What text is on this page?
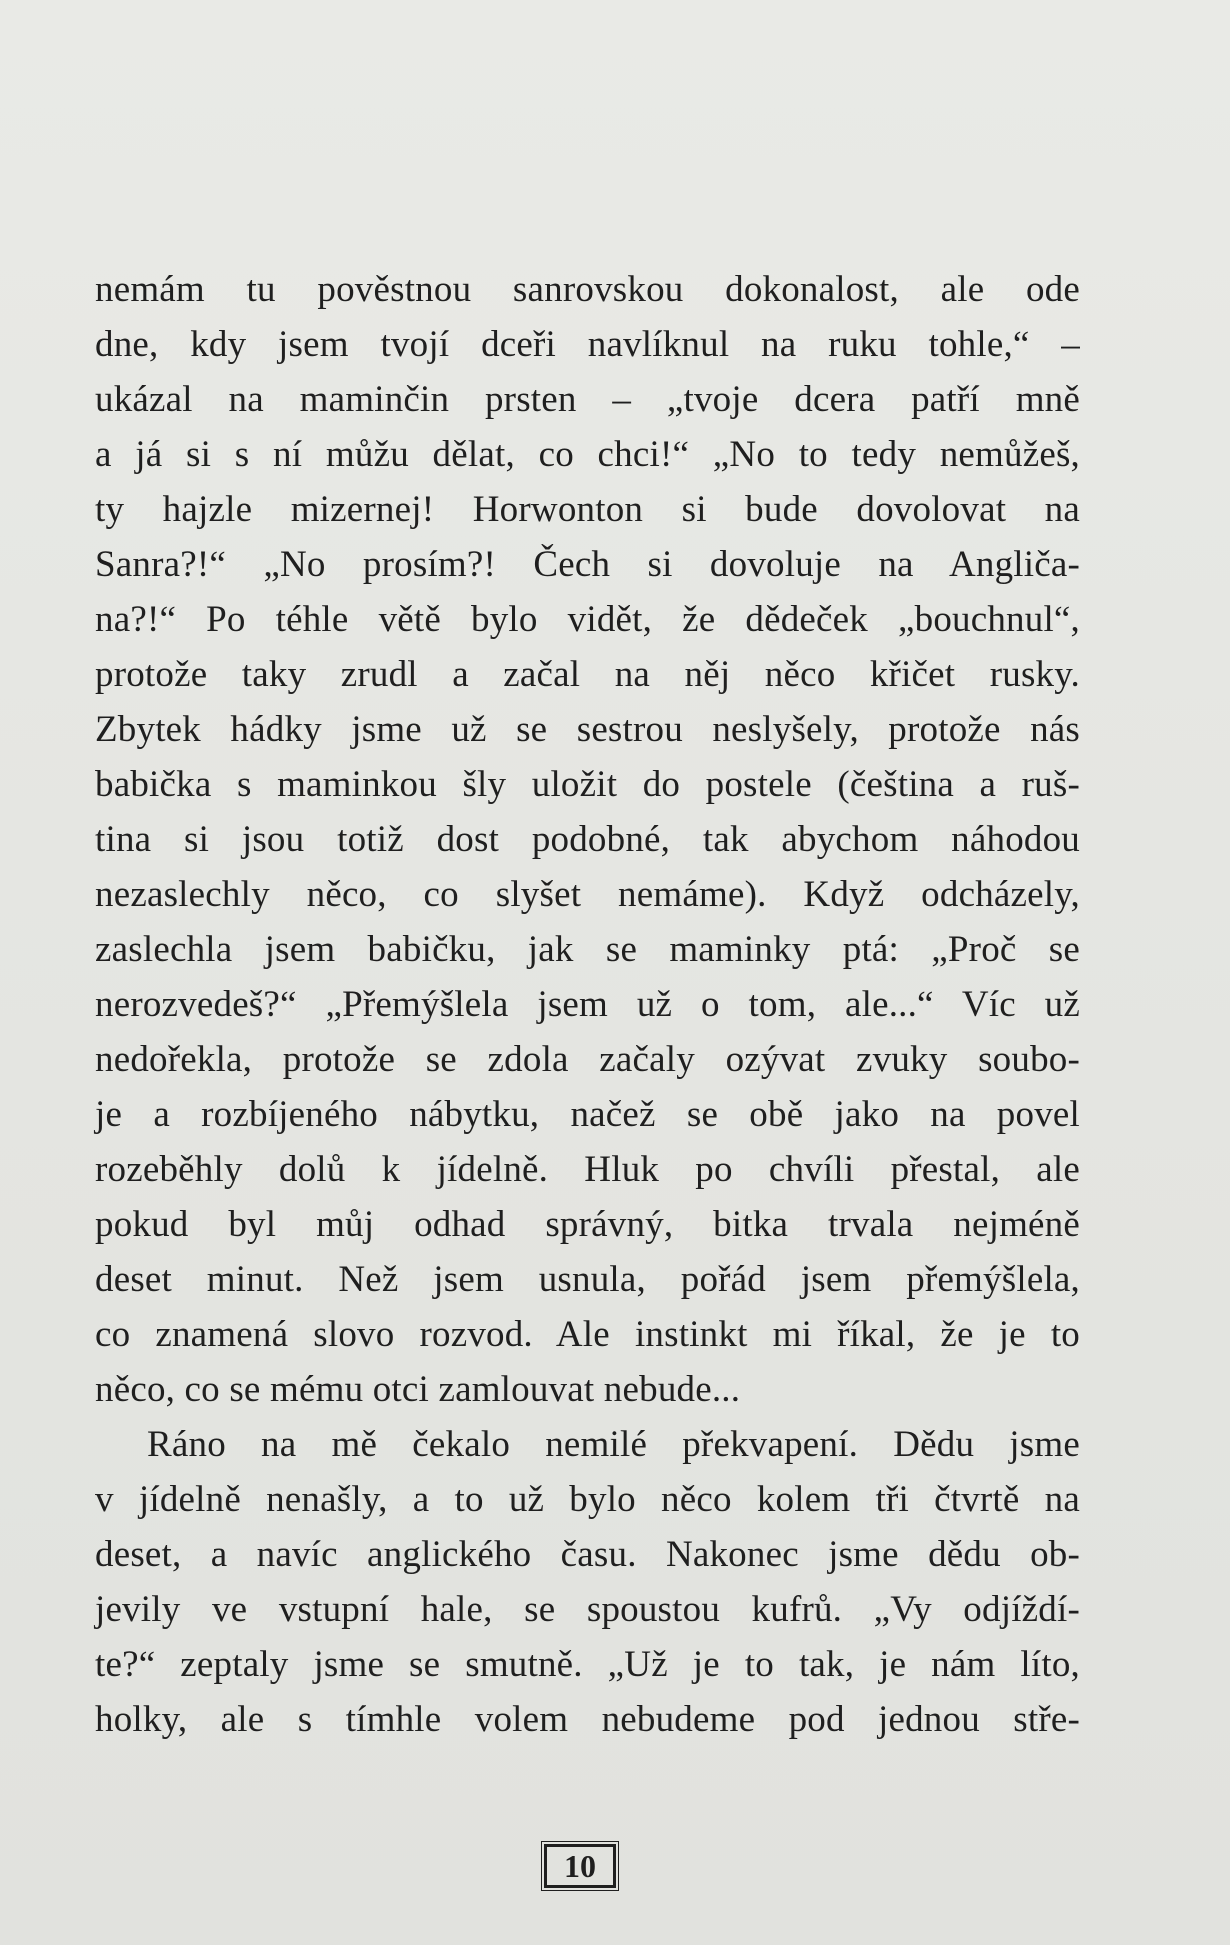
nemám tu pověstnou sanrovskou dokonalost, ale ode
dne, kdy jsem tvojí dceři navlíknul na ruku tohle,“ –
ukázal na maminčin prsten – „tvoje dcera patří mně
a já si s ní můžu dělat, co chci!“ „No to tedy nemůžeš,
ty hajzle mizernej! Horwonton si bude dovolovat na
Sanra?!“ „No prosím?! Čech si dovoluje na Angliča-
na?!“ Po téhle větě bylo vidět, že dědeček „bouchnul“,
protože taky zrudl a začal na něj něco křičet rusky.
Zbytek hádky jsme už se sestrou neslyšely, protože nás
babička s maminkou šly uložit do postele (čeština a ruš-
tina si jsou totiž dost podobné, tak abychom náhodou
nezaslechly něco, co slyšet nemáme). Když odcházely,
zaslechla jsem babičku, jak se maminky ptá: „Proč se
nerozvedeš?“ „Přemýšlela jsem už o tom, ale...“ Víc už
nedořekla, protože se zdola začaly ozývat zvuky soubo-
je a rozbíjeného nábytku, načež se obě jako na povel
rozeběhly dolů k jídelně. Hluk po chvíli přestal, ale
pokud byl můj odhad správný, bitka trvala nejméně
deset minut. Než jsem usnula, pořád jsem přemýšlela,
co znamená slovo rozvod. Ale instinkt mi říkal, že je to
něco, co se mému otci zamlouvat nebude...
Ráno na mě čekalo nemilé překvapení. Dědu jsme
v jídelně nenašly, a to už bylo něco kolem tři čtvrtě na
deset, a navíc anglického času. Nakonec jsme dědu ob-
jevily ve vstupní hale, se spoustou kufrů. „Vy odjíždí-
te?“ zeptaly jsme se smutně. „Už je to tak, je nám líto,
holky, ale s tímhle volem nebudeme pod jednou stře-
10
